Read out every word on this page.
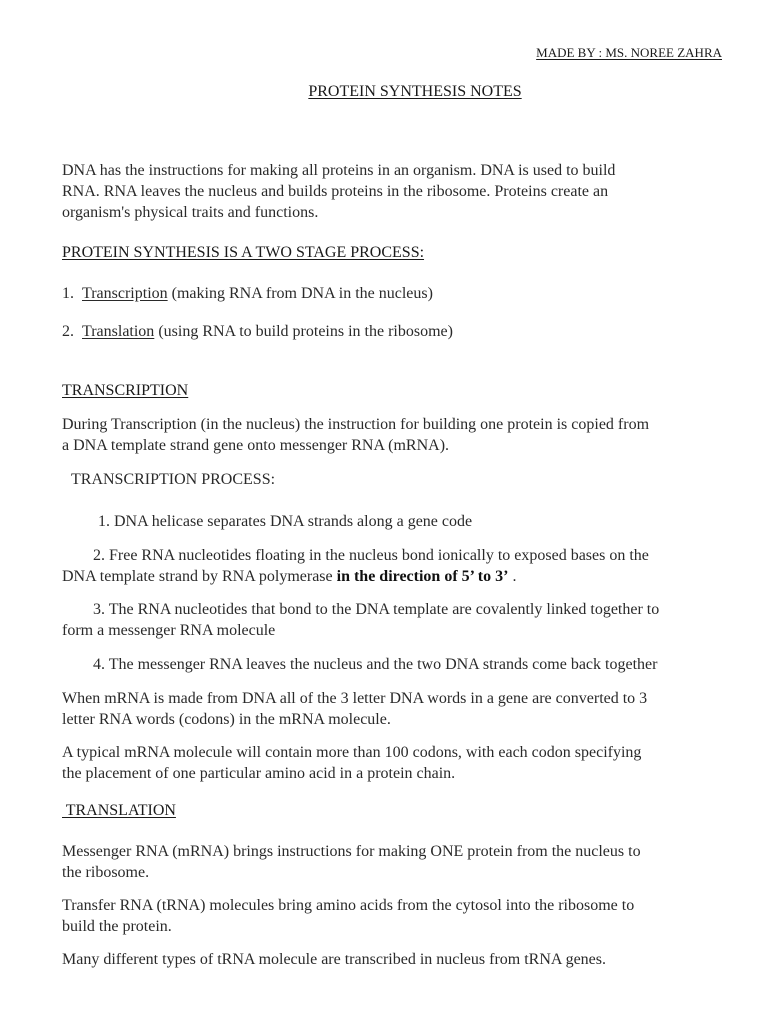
MADE BY : MS. NOREE ZAHRA

PROTEIN SYNTHESIS NOTES

DNA has the instructions for making all proteins in an organism. DNA is used to build

RNA. RNA leaves the nucleus and builds proteins in the ribosome. Proteins create an

organism's physical traits and functions.

PROTEIN SYNTHESIS IS A TWO STAGE PROCESS:

1. Transcription (making RNA from DNA in the nucleus)

2. Translation (using RNA to build proteins in the ribosome)

TRANSCRIPTION

During Transcription (in the nucleus) the instruction for building one protein is copied from

a DNA template strand gene onto messenger RNA (mRNA).

TRANSCRIPTION PROCESS:

1. DNA helicase separates DNA strands along a gene code

2. Free RNA nucleotides floating in the nucleus bond ionically to exposed bases on the

DNA template strand by RNA polymerase in the direction of 5’ to 3’ .

3. The RNA nucleotides that bond to the DNA template are covalently linked together to

form a messenger RNA molecule

4. The messenger RNA leaves the nucleus and the two DNA strands come back together

When mRNA is made from DNA all of the 3 letter DNA words in a gene are converted to 3

letter RNA words (codons) in the mRNA molecule.

A typical mRNA molecule will contain more than 100 codons, with each codon specifying

the placement of one particular amino acid in a protein chain.

TRANSLATION

Messenger RNA (mRNA) brings instructions for making ONE protein from the nucleus to

the ribosome.

Transfer RNA (tRNA) molecules bring amino acids from the cytosol into the ribosome to

build the protein.

Many different types of tRNA molecule are transcribed in nucleus from tRNA genes.
